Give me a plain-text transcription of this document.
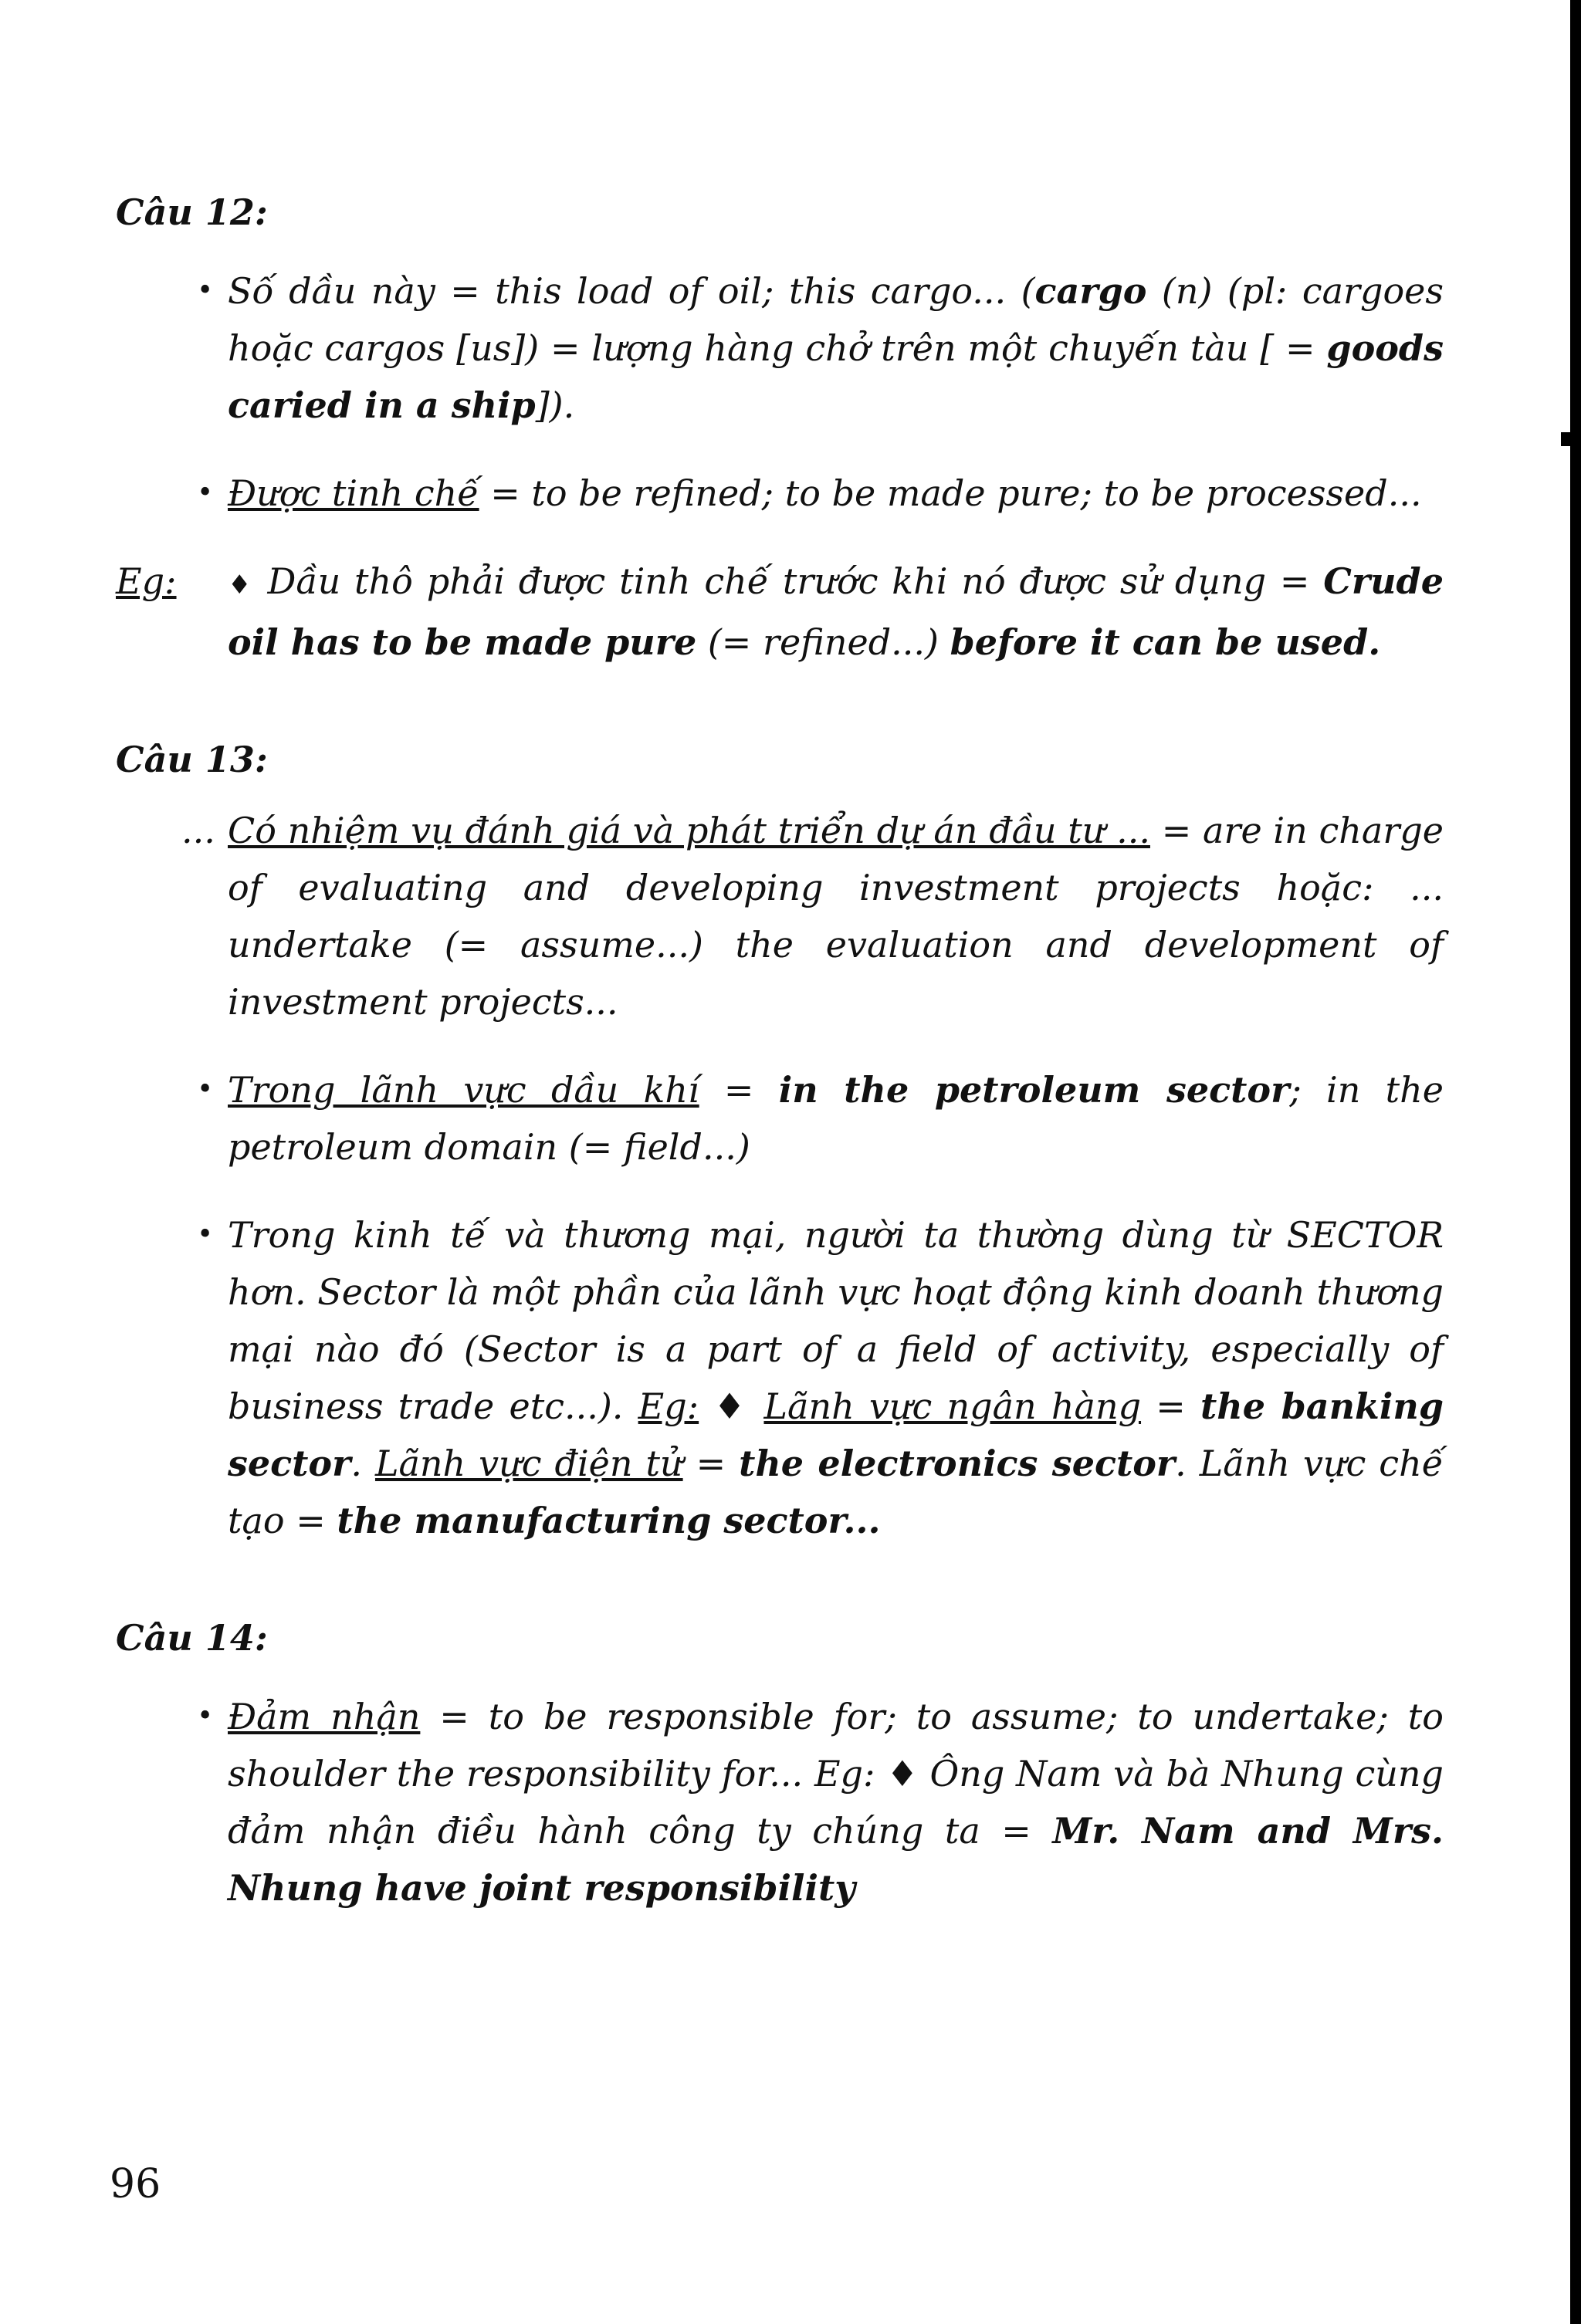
Câu 12:

• Số dầu này = this load of oil; this cargo... (cargo (n) (pl: cargoes hoặc cargos [us]) = lượng hàng chở trên một chuyến tàu [ = goods caried in a ship]).

• Được tinh chế = to be refined; to be made pure; to be processed...

Eg: ♦ Dầu thô phải được tinh chế trước khi nó được sử dụng = Crude oil has to be made pure (= refined...) before it can be used.

Câu 13:

... Có nhiệm vụ đánh giá và phát triển dự án đầu tư ... = are in charge of evaluating and developing investment projects hoặc: ... undertake (= assume...) the evaluation and development of investment projects...

• Trong lãnh vực dầu khí = in the petroleum sector; in the petroleum domain (= field...)

• Trong kinh tế và thương mại, người ta thường dùng từ SECTOR hơn. Sector là một phần của lãnh vực hoạt động kinh doanh thương mại nào đó (Sector is a part of a field of activity, especially of business trade etc...). Eg: ♦ Lãnh vực ngân hàng = the banking sector. Lãnh vực điện tử = the electronics sector. Lãnh vực chế tạo = the manufacturing sector...

Câu 14:

• Đảm nhận = to be responsible for; to assume; to undertake; to shoulder the responsibility for... Eg: ♦ Ông Nam và bà Nhung cùng đảm nhận điều hành công ty chúng ta = Mr. Nam and Mrs. Nhung have joint responsibility

96
